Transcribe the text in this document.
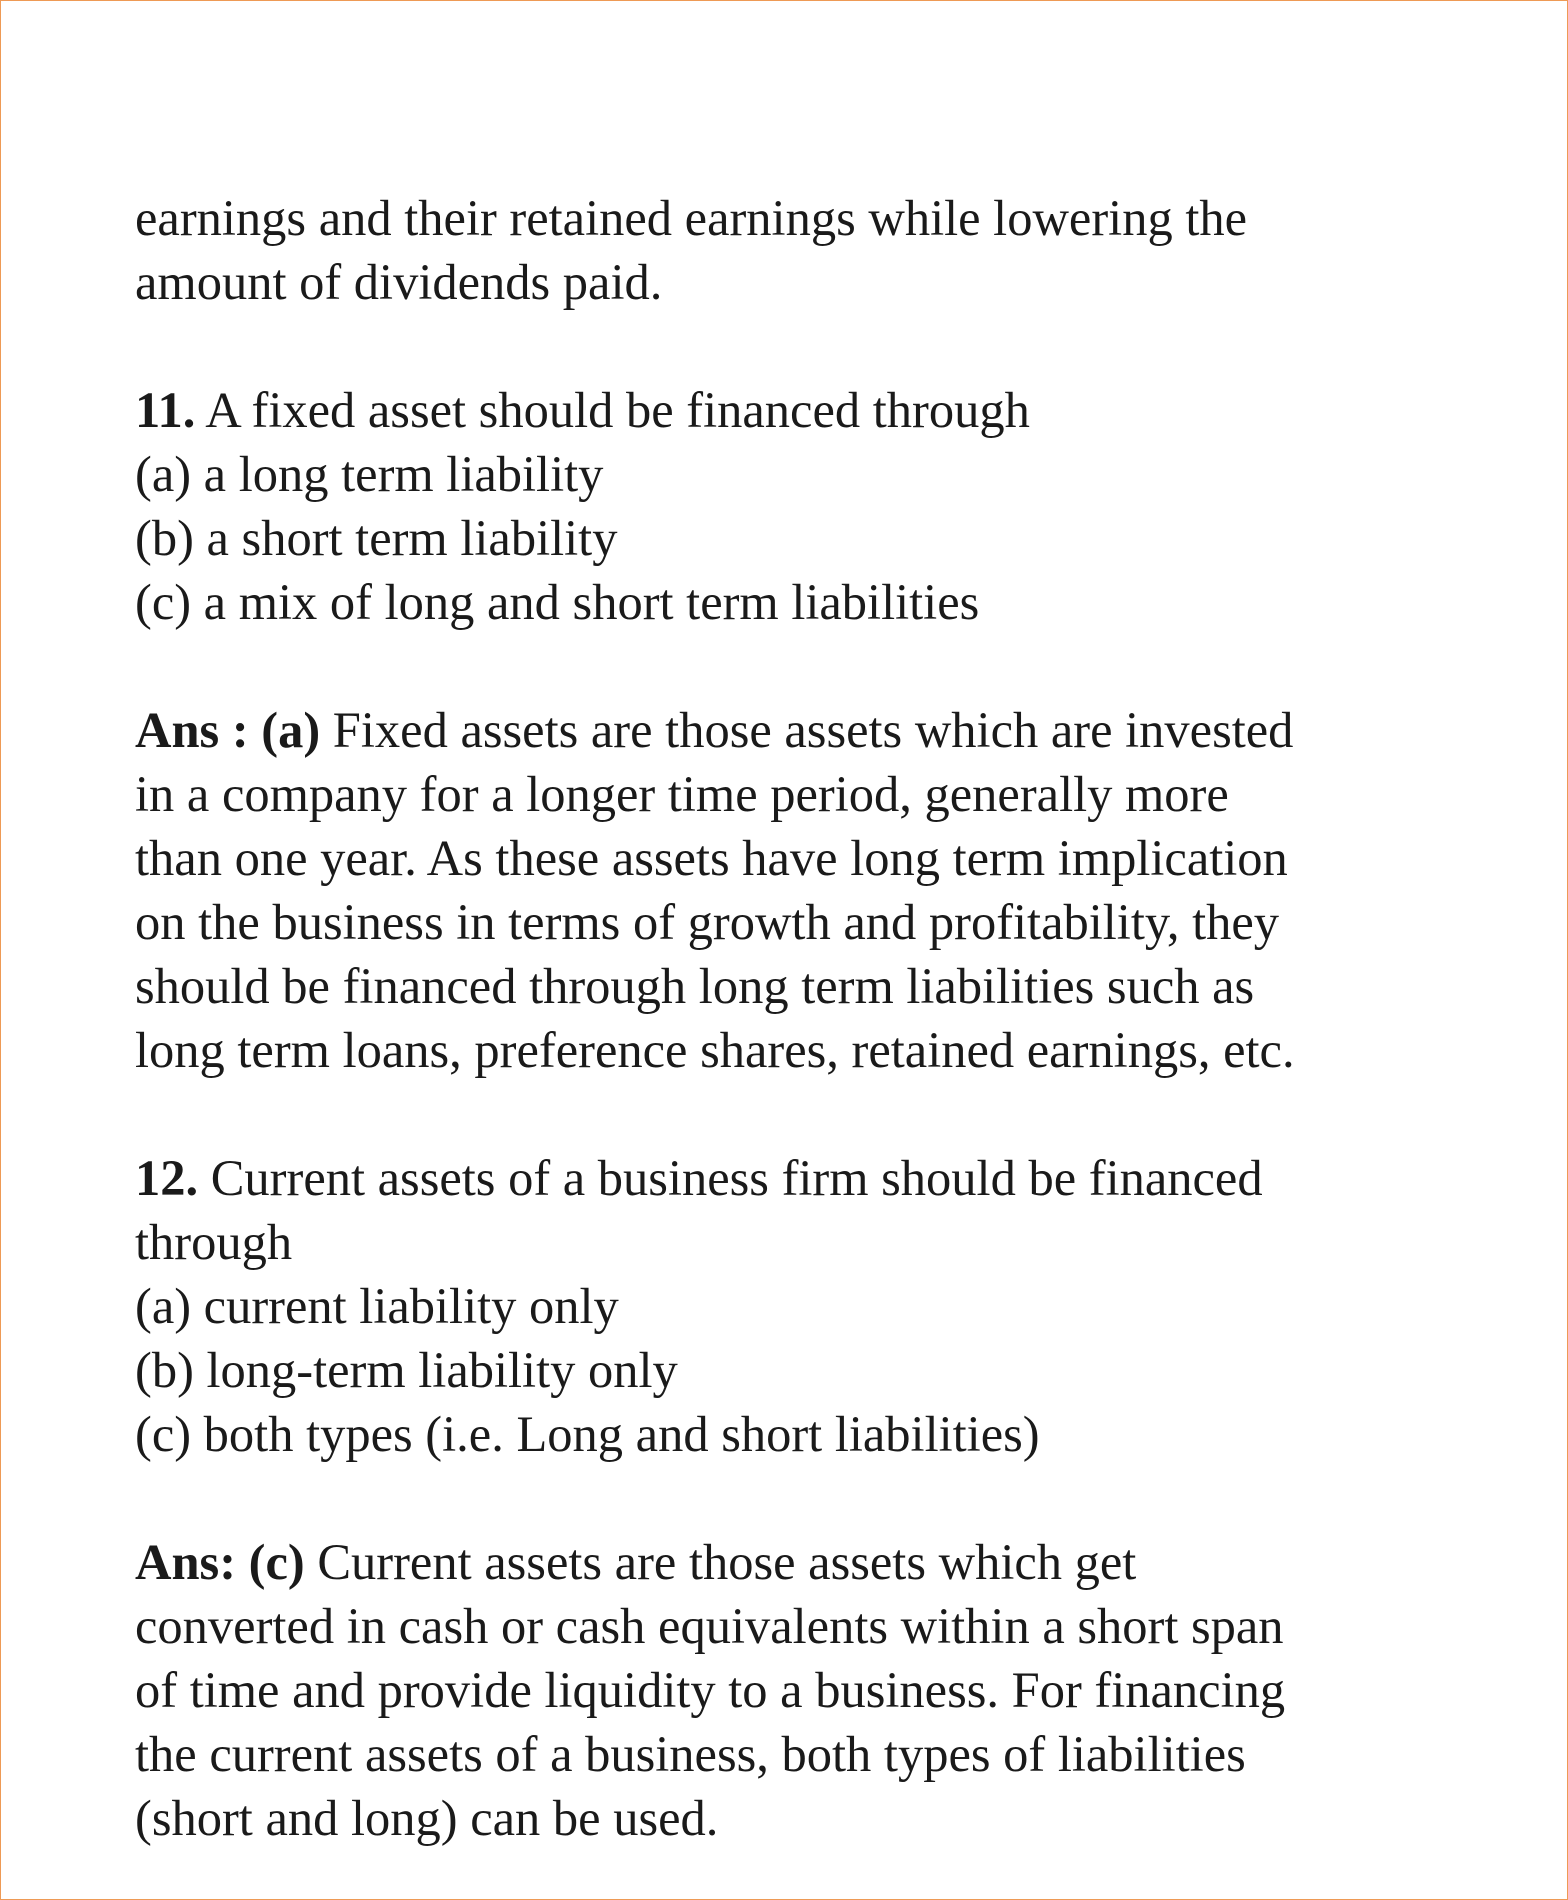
earnings and their retained earnings while lowering the
amount of dividends paid.
11. A fixed asset should be financed through
(a) a long term liability
(b) a short term liability
(c) a mix of long and short term liabilities
Ans : (a) Fixed assets are those assets which are invested
in a company for a longer time period, generally more
than one year. As these assets have long term implication
on the business in terms of growth and profitability, they
should be financed through long term liabilities such as
long term loans, preference shares, retained earnings, etc.
12. Current assets of a business firm should be financed
through
(a) current liability only
(b) long-term liability only
(c) both types (i.e. Long and short liabilities)
Ans: (c) Current assets are those assets which get
converted in cash or cash equivalents within a short span
of time and provide liquidity to a business. For financing
the current assets of a business, both types of liabilities
(short and long) can be used.
